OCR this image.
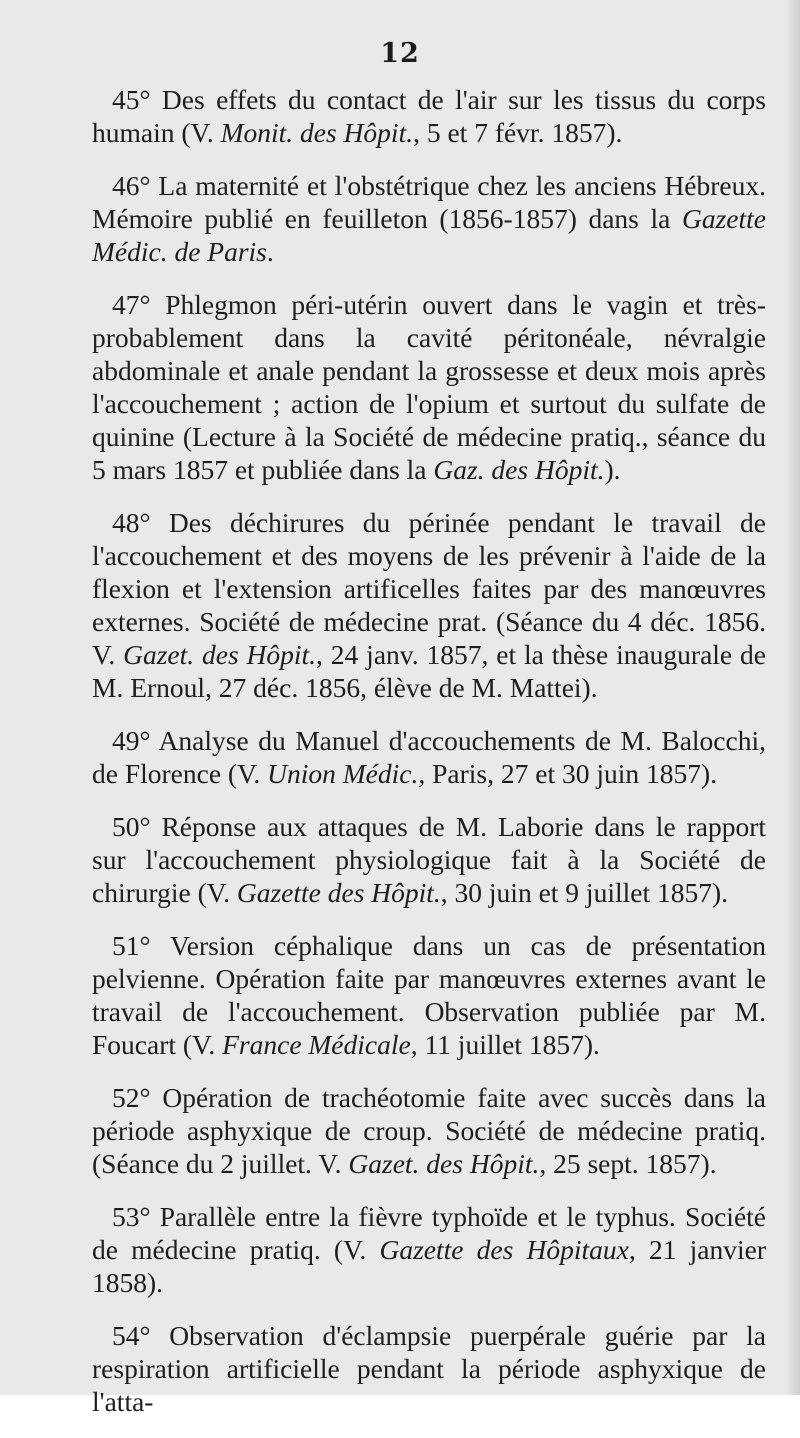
12

45° Des effets du contact de l'air sur les tissus du corps humain (V. Monit. des Hôpit., 5 et 7 févr. 1857).

46° La maternité et l'obstétrique chez les anciens Hébreux. Mémoire publié en feuilleton (1856-1857) dans la Gazette Médic. de Paris.

47° Phlegmon péri-utérin ouvert dans le vagin et très-probablement dans la cavité péritonéale, névralgie abdominale et anale pendant la grossesse et deux mois après l'accouchement ; action de l'opium et surtout du sulfate de quinine (Lecture à la Société de médecine pratiq., séance du 5 mars 1857 et publiée dans la Gaz. des Hôpit.).

48° Des déchirures du périnée pendant le travail de l'accouchement et des moyens de les prévenir à l'aide de la flexion et l'extension artificelles faites par des manœuvres externes. Société de médecine prat. (Séance du 4 déc. 1856. V. Gazet. des Hôpit., 24 janv. 1857, et la thèse inaugurale de M. Ernoul, 27 déc. 1856, élève de M. Mattei).

49° Analyse du Manuel d'accouchements de M. Balocchi, de Florence (V. Union Médic., Paris, 27 et 30 juin 1857).

50° Réponse aux attaques de M. Laborie dans le rapport sur l'accouchement physiologique fait à la Société de chirurgie (V. Gazette des Hôpit., 30 juin et 9 juillet 1857).

51° Version céphalique dans un cas de présentation pelvienne. Opération faite par manœuvres externes avant le travail de l'accouchement. Observation publiée par M. Foucart (V. France Médicale, 11 juillet 1857).

52° Opération de trachéotomie faite avec succès dans la période asphyxique de croup. Société de médecine pratiq. (Séance du 2 juillet. V. Gazet. des Hôpit., 25 sept. 1857).

53° Parallèle entre la fièvre typhoïde et le typhus. Société de médecine pratiq. (V. Gazette des Hôpitaux, 21 janvier 1858).

54° Observation d'éclampsie puerpérale guérie par la respiration artificielle pendant la période asphyxique de l'atta-
